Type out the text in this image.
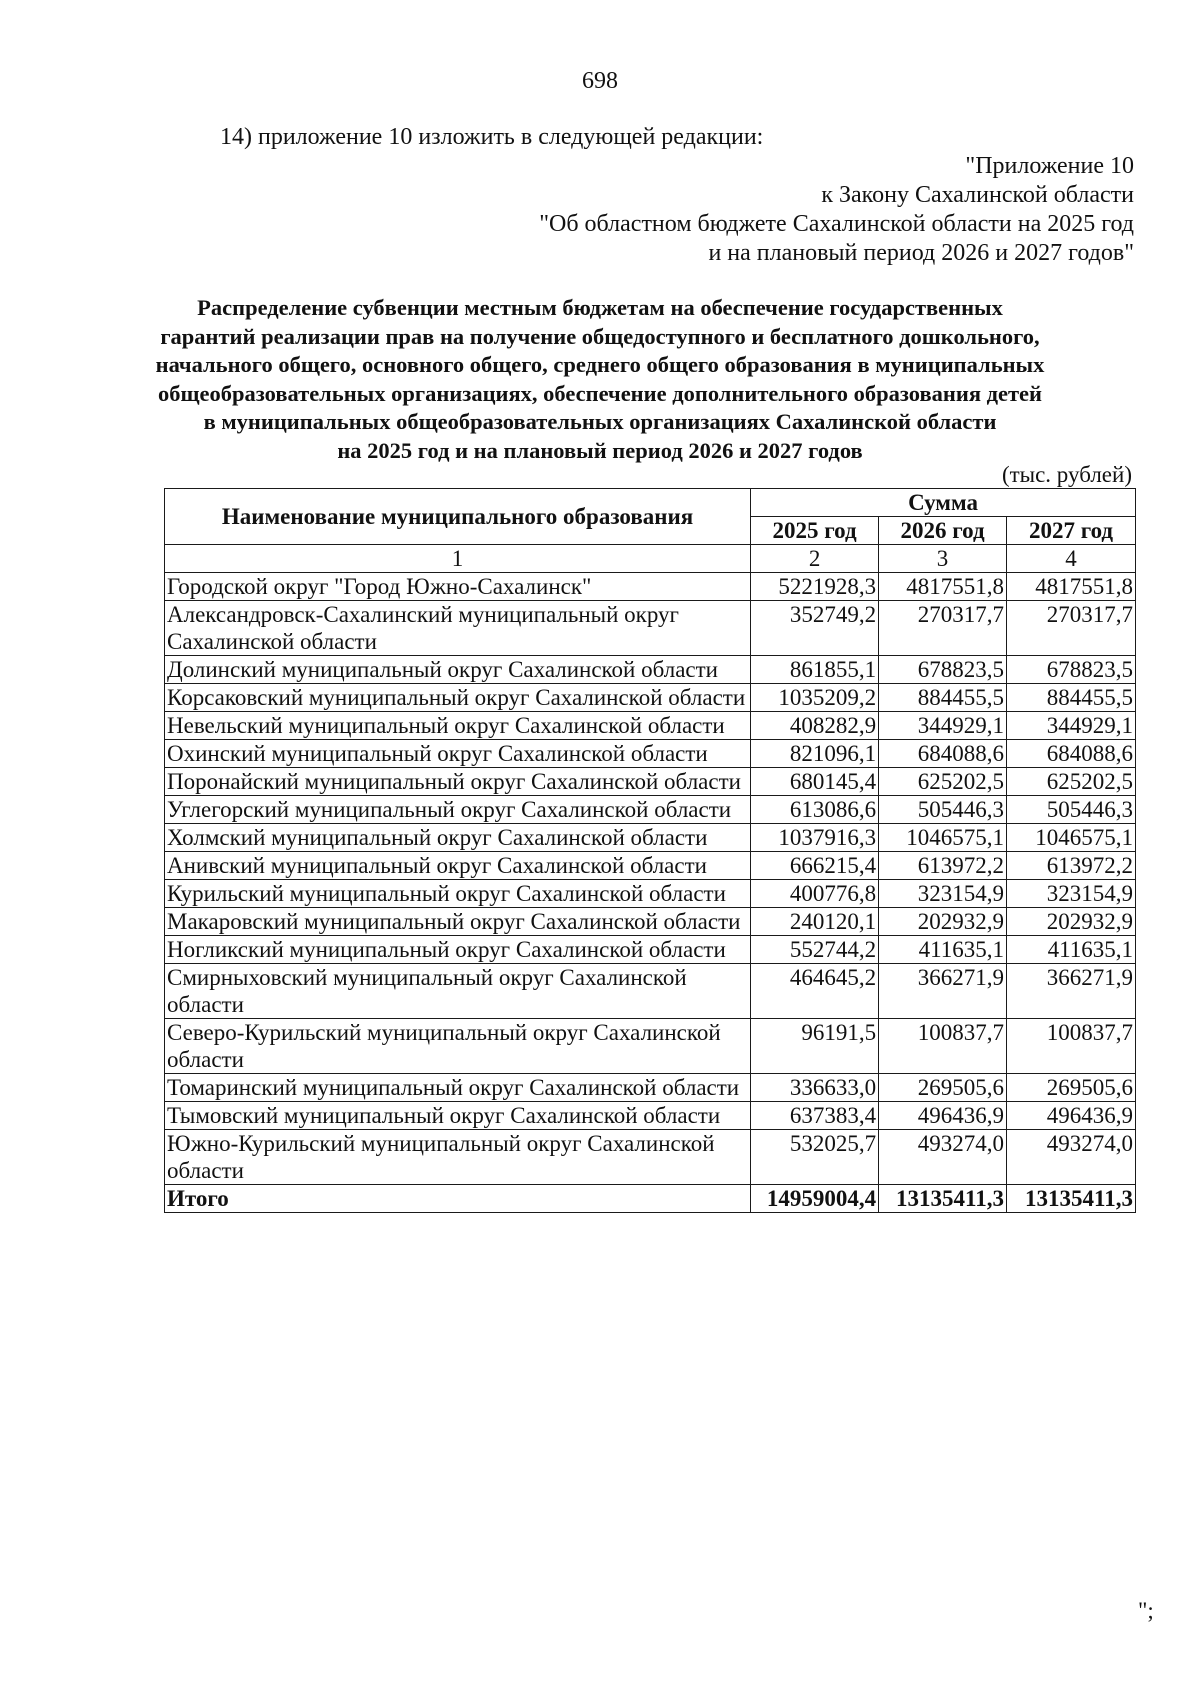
698
14) приложение 10 изложить в следующей редакции:
"Приложение 10
к Закону Сахалинской области
"Об областном бюджете Сахалинской области на 2025 год
и на плановый период 2026 и 2027 годов"
Распределение субвенции местным бюджетам на обеспечение государственных
гарантий реализации прав на получение общедоступного и бесплатного дошкольного,
начального общего, основного общего, среднего общего образования в муниципальных
общеобразовательных организациях, обеспечение дополнительного образования детей
в муниципальных общеобразовательных организациях Сахалинской области
на 2025 год и на плановый период 2026 и 2027 годов
(тыс. рублей)
Наименование муниципального образования	Сумма		
	2025 год	2026 год	2027 год
1	2	3	4
Городской округ "Город Южно-Сахалинск"	5221928,3	4817551,8	4817551,8
Александровск-Сахалинский муниципальный округ Сахалинской области	352749,2	270317,7	270317,7
Долинский муниципальный округ Сахалинской области	861855,1	678823,5	678823,5
Корсаковский муниципальный округ Сахалинской области	1035209,2	884455,5	884455,5
Невельский муниципальный округ Сахалинской области	408282,9	344929,1	344929,1
Охинский муниципальный округ Сахалинской области	821096,1	684088,6	684088,6
Поронайский муниципальный округ Сахалинской области	680145,4	625202,5	625202,5
Углегорский муниципальный округ Сахалинской области	613086,6	505446,3	505446,3
Холмский муниципальный округ Сахалинской области	1037916,3	1046575,1	1046575,1
Анивский муниципальный округ Сахалинской области	666215,4	613972,2	613972,2
Курильский муниципальный округ Сахалинской области	400776,8	323154,9	323154,9
Макаровский муниципальный округ Сахалинской области	240120,1	202932,9	202932,9
Ногликский муниципальный округ Сахалинской области	552744,2	411635,1	411635,1
Смирныховский муниципальный округ Сахалинской области	464645,2	366271,9	366271,9
Северо-Курильский муниципальный округ Сахалинской области	96191,5	100837,7	100837,7
Томаринский муниципальный округ Сахалинской области	336633,0	269505,6	269505,6
Тымовский муниципальный округ Сахалинской области	637383,4	496436,9	496436,9
Южно-Курильский муниципальный округ Сахалинской области	532025,7	493274,0	493274,0
Итого	14959004,4	13135411,3	13135411,3
";
